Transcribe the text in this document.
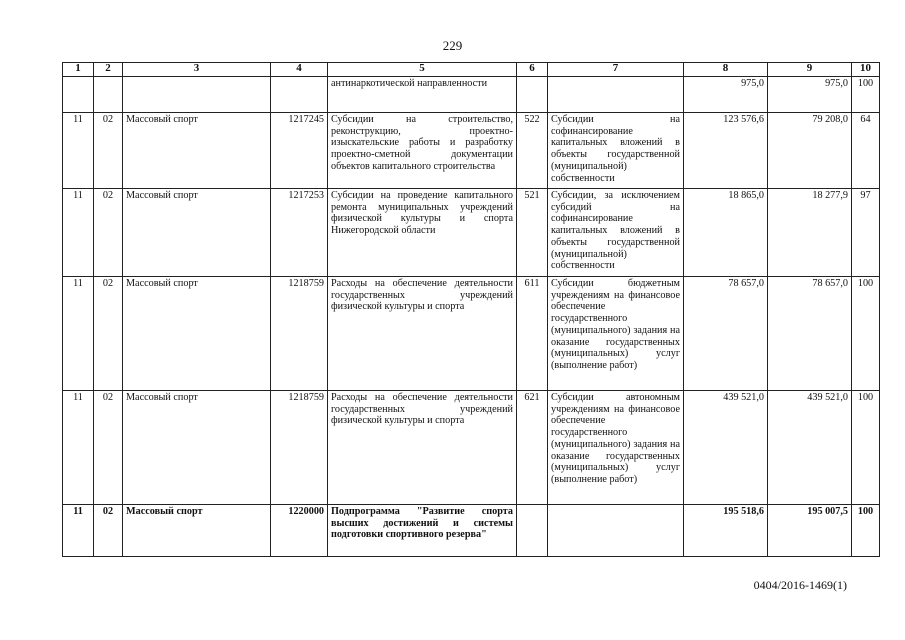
229
1	2	3	4	5	6	7	8	9	10
				антинаркотической направленности			975,0	975,0	100
11	02	Массовый спорт	1217245	Субсидии на строительство, реконструкцию, проектно-изыскательские работы и разработку проектно-сметной документации объектов капитального строительства	522	Субсидии на софинансирование капитальных вложений в объекты государственной (муниципальной) собственности	123 576,6	79 208,0	64
11	02	Массовый спорт	1217253	Субсидии на проведение капитального ремонта муниципальных учреждений физической культуры и спорта Нижегородской области	521	Субсидии, за исключением субсидий на софинансирование капитальных вложений в объекты государственной (муниципальной) собственности	18 865,0	18 277,9	97
11	02	Массовый спорт	1218759	Расходы на обеспечение деятельности государственных учреждений физической культуры и спорта	611	Субсидии бюджетным учреждениям на финансовое обеспечение государственного (муниципального) задания на оказание государственных (муниципальных) услуг (выполнение работ)	78 657,0	78 657,0	100
11	02	Массовый спорт	1218759	Расходы на обеспечение деятельности государственных учреждений физической культуры и спорта	621	Субсидии автономным учреждениям на финансовое обеспечение государственного (муниципального) задания на оказание государственных (муниципальных) услуг (выполнение работ)	439 521,0	439 521,0	100
11	02	Массовый спорт	1220000	Подпрограмма "Развитие спорта высших достижений и системы подготовки спортивного резерва"			195 518,6	195 007,5	100
0404/2016-1469(1)
